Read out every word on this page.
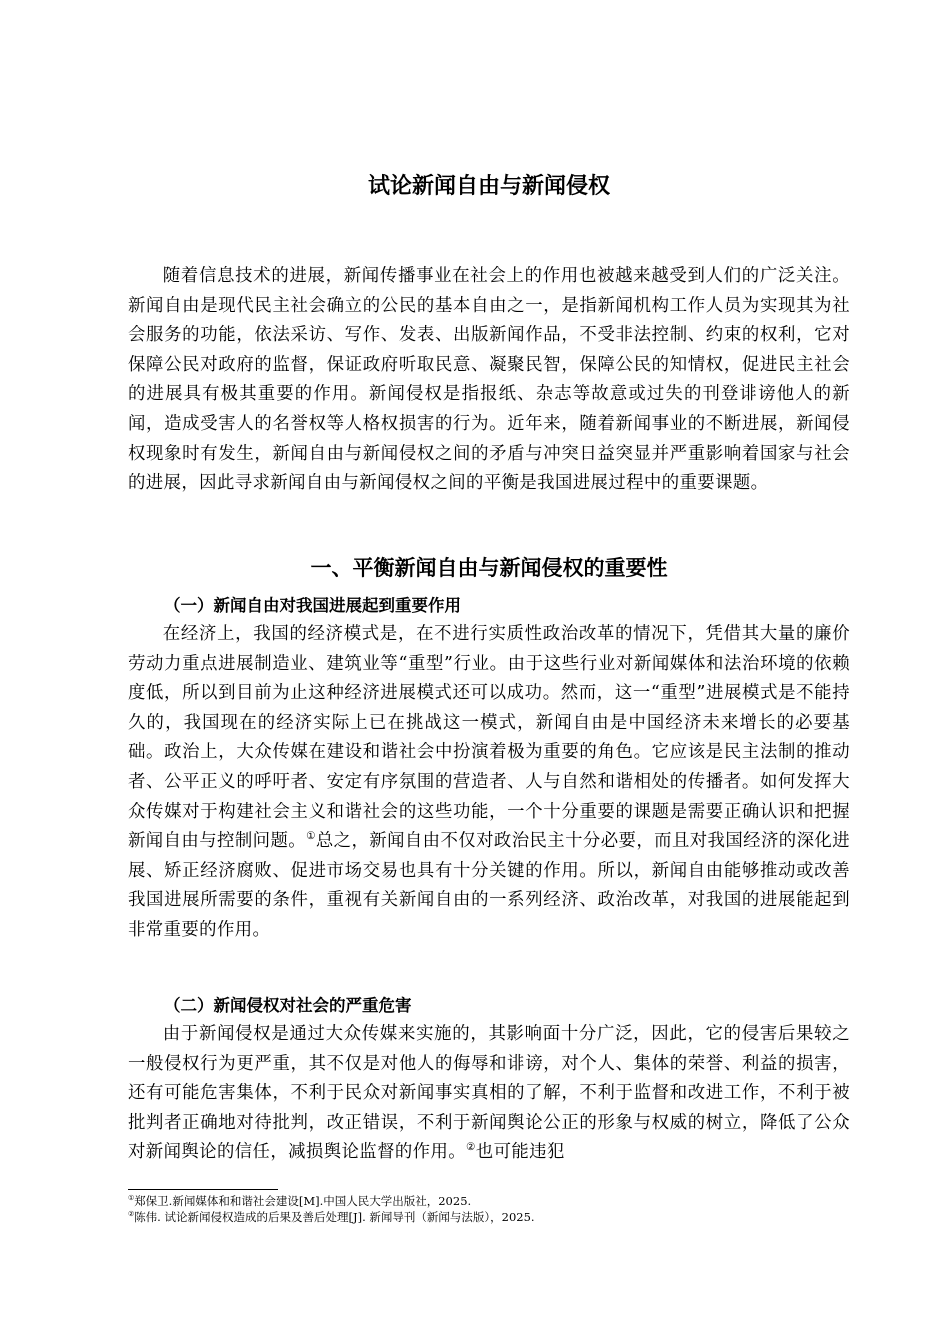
试论新闻自由与新闻侵权

随着信息技术的进展，新闻传播事业在社会上的作用也被越来越受到人们的广泛关注。新闻自由是现代民主社会确立的公民的基本自由之一，是指新闻机构工作人员为实现其为社会服务的功能，依法采访、写作、发表、出版新闻作品，不受非法控制、约束的权利，它对保障公民对政府的监督，保证政府听取民意、凝聚民智，保障公民的知情权，促进民主社会的进展具有极其重要的作用。新闻侵权是指报纸、杂志等故意或过失的刊登诽谤他人的新闻，造成受害人的名誉权等人格权损害的行为。近年来，随着新闻事业的不断进展，新闻侵权现象时有发生，新闻自由与新闻侵权之间的矛盾与冲突日益突显并严重影响着国家与社会的进展，因此寻求新闻自由与新闻侵权之间的平衡是我国进展过程中的重要课题。

一、平衡新闻自由与新闻侵权的重要性
（一）新闻自由对我国进展起到重要作用

在经济上，我国的经济模式是，在不进行实质性政治改革的情况下，凭借其大量的廉价劳动力重点进展制造业、建筑业等“重型”行业。由于这些行业对新闻媒体和法治环境的依赖度低，所以到目前为止这种经济进展模式还可以成功。然而，这一“重型”进展模式是不能持久的，我国现在的经济实际上已在挑战这一模式，新闻自由是中国经济未来增长的必要基础。政治上，大众传媒在建设和谐社会中扮演着极为重要的角色。它应该是民主法制的推动者、公平正义的呼吁者、安定有序氛围的营造者、人与自然和谐相处的传播者。如何发挥大众传媒对于构建社会主义和谐社会的这些功能，一个十分重要的课题是需要正确认识和把握新闻自由与控制问题。①总之，新闻自由不仅对政治民主十分必要，而且对我国经济的深化进展、矫正经济腐败、促进市场交易也具有十分关键的作用。所以，新闻自由能够推动或改善我国进展所需要的条件，重视有关新闻自由的一系列经济、政治改革，对我国的进展能起到非常重要的作用。

（二）新闻侵权对社会的严重危害

由于新闻侵权是通过大众传媒来实施的，其影响面十分广泛，因此，它的侵害后果较之一般侵权行为更严重，其不仅是对他人的侮辱和诽谤，对个人、集体的荣誉、利益的损害，还有可能危害集体，不利于民众对新闻事实真相的了解，不利于监督和改进工作，不利于被批判者正确地对待批判，改正错误，不利于新闻舆论公正的形象与权威的树立，降低了公众对新闻舆论的信任，减损舆论监督的作用。②也可能违犯

①郑保卫.新闻媒体和和谐社会建设[M].中国人民大学出版社，2025.

②陈伟. 试论新闻侵权造成的后果及善后处理[J]. 新闻导刊（新闻与法版），2025.
